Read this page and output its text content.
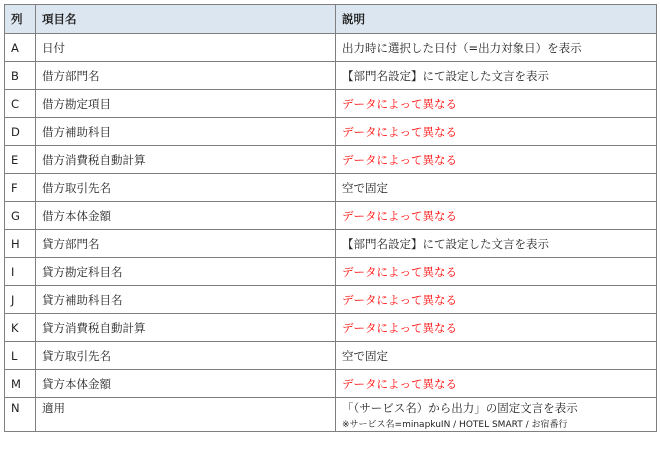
列	項目名	説明
A	日付	出力時に選択した日付（=出力対象日）を表示
B	借方部門名	【部門名設定】にて設定した文言を表示
C	借方勘定項目	データによって異なる
D	借方補助科目	データによって異なる
E	借方消費税自動計算	データによって異なる
F	借方取引先名	空で固定
G	借方本体金額	データによって異なる
H	貸方部門名	【部門名設定】にて設定した文言を表示
I	貸方勘定科目名	データによって異なる
J	貸方補助科目名	データによって異なる
K	貸方消費税自動計算	データによって異なる
L	貸方取引先名	空で固定
M	貸方本体金額	データによって異なる
N	適用	「（サービス名）から出力」の固定文言を表示
※サービス名=minapkuIN / HOTEL SMART / お宿番行
